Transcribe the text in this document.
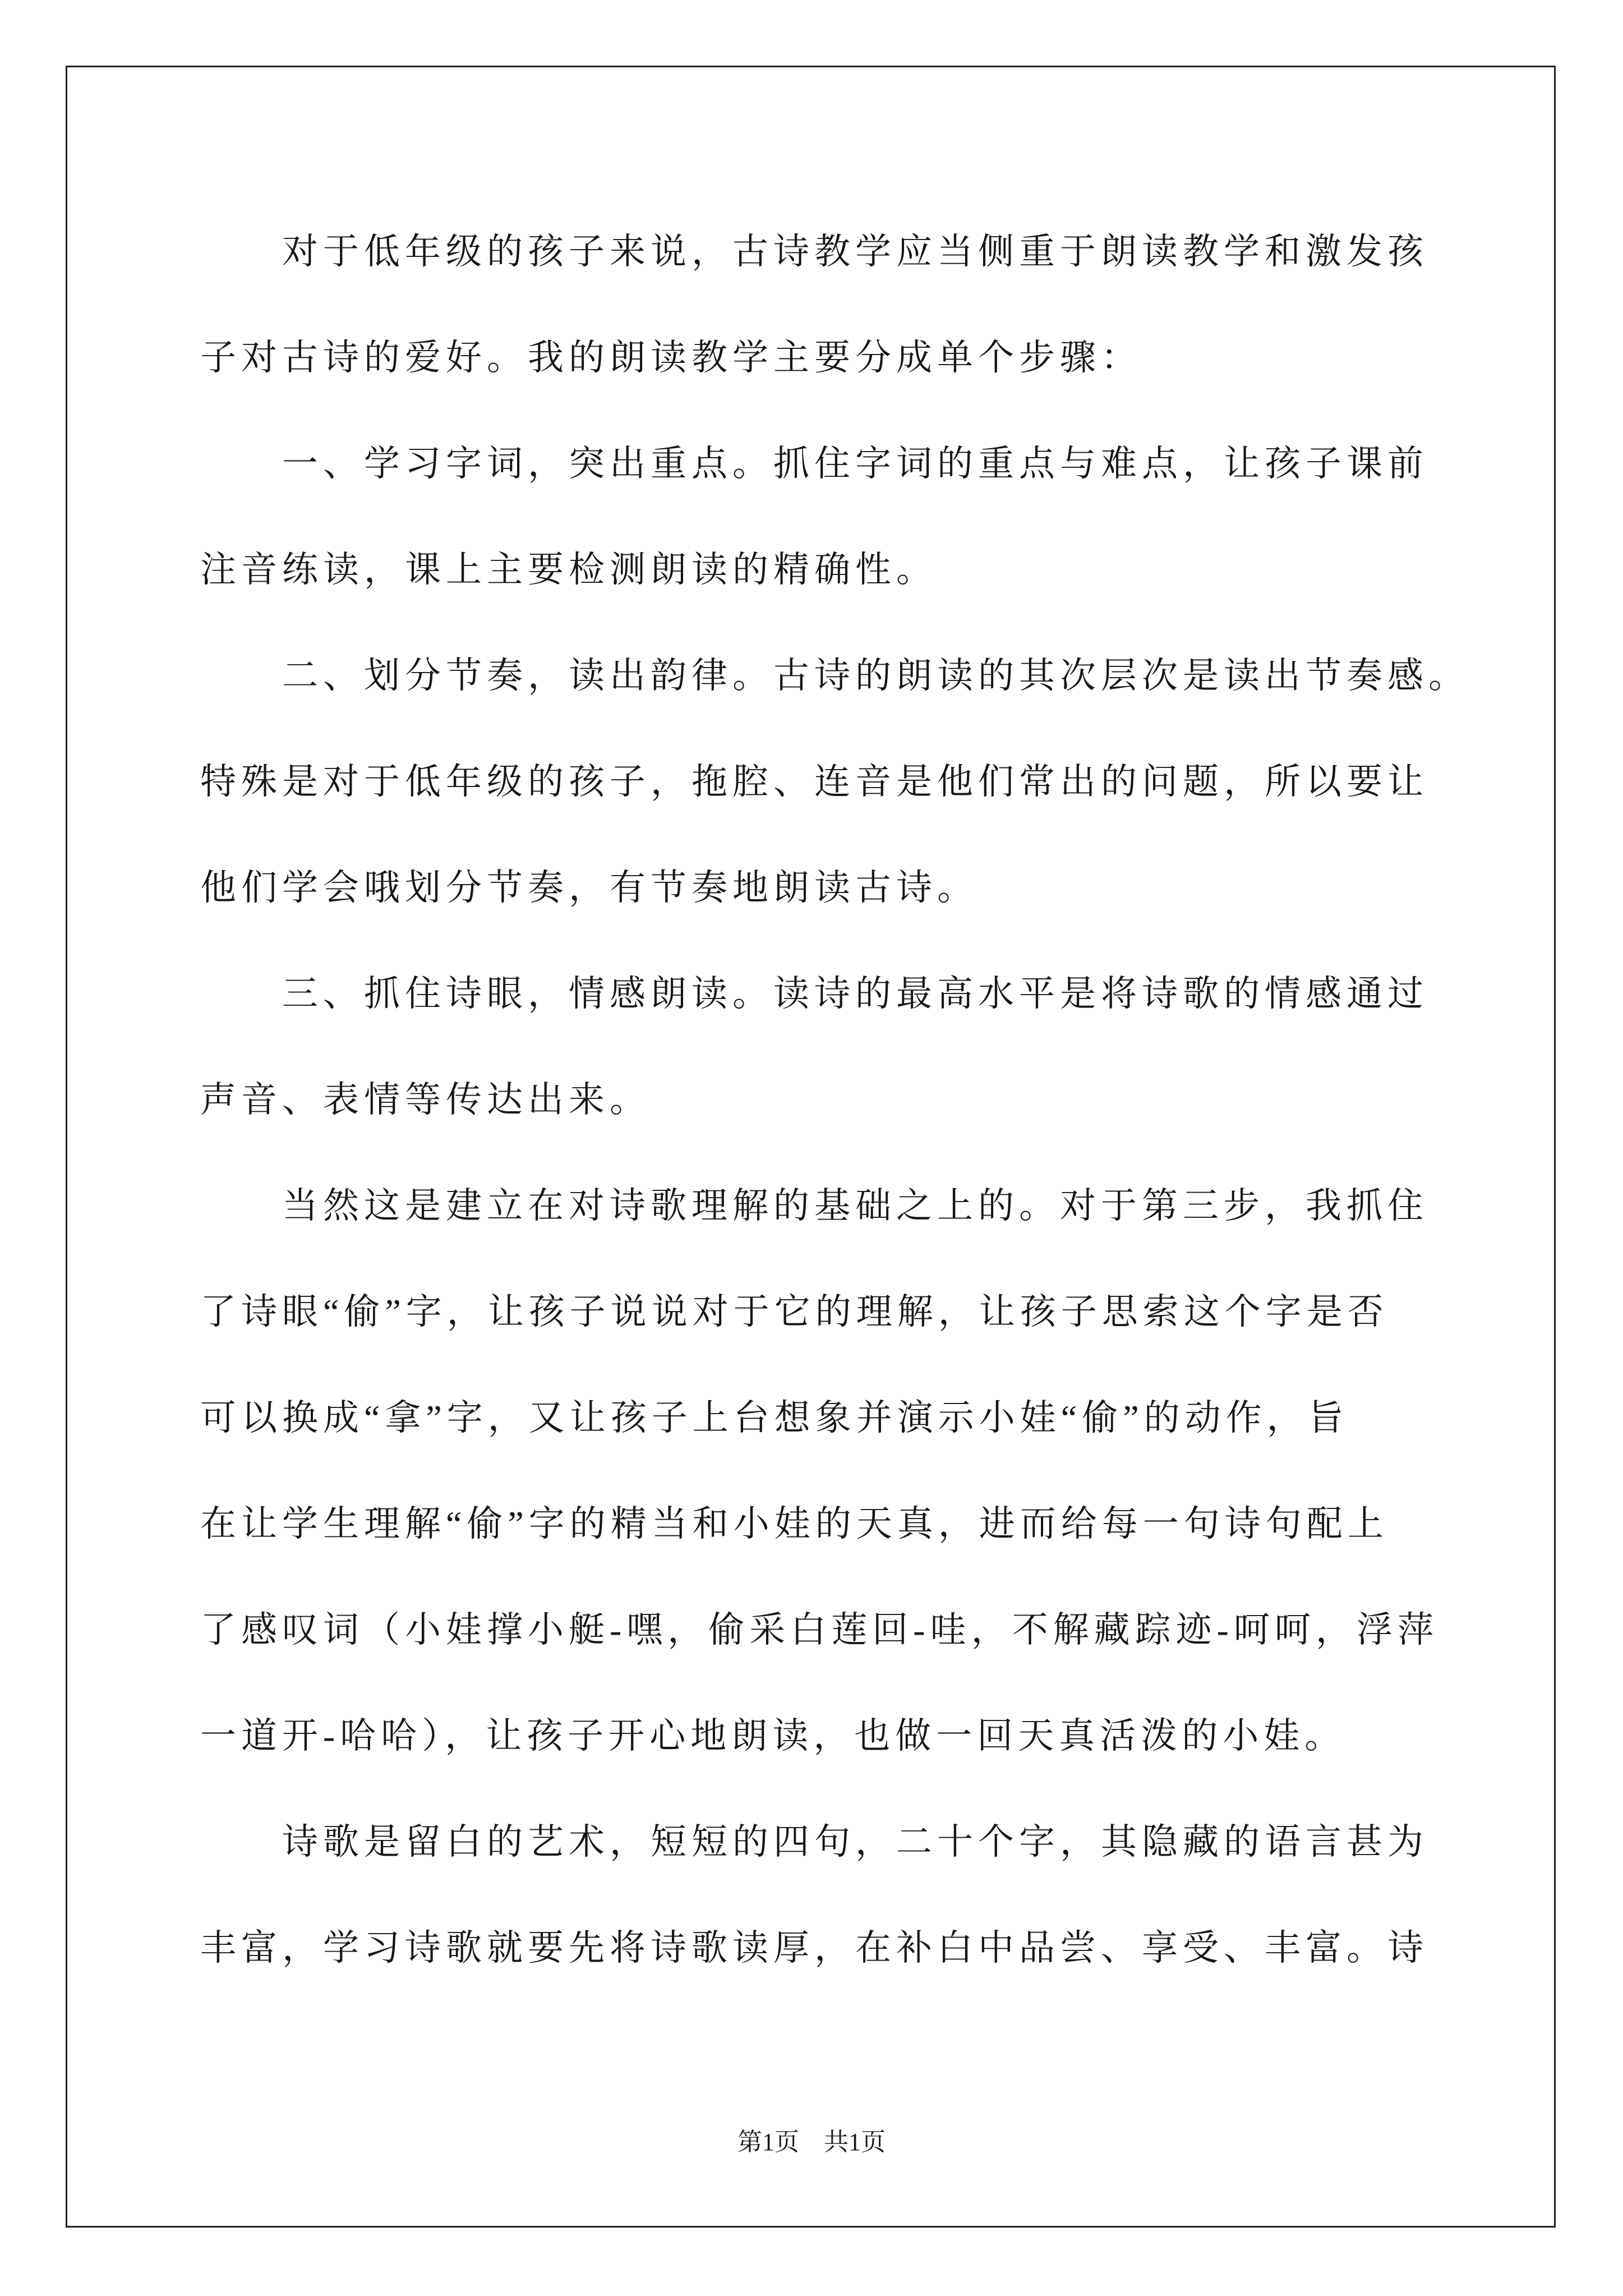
对于低年级的孩子来说，古诗教学应当侧重于朗读教学和激发孩
子对古诗的爱好。我的朗读教学主要分成单个步骤：
一、学习字词，突出重点。抓住字词的重点与难点，让孩子课前
注音练读，课上主要检测朗读的精确性。
二、划分节奏，读出韵律。古诗的朗读的其次层次是读出节奏感。
特殊是对于低年级的孩子，拖腔、连音是他们常出的问题，所以要让
他们学会哦划分节奏，有节奏地朗读古诗。
三、抓住诗眼，情感朗读。读诗的最高水平是将诗歌的情感通过
声音、表情等传达出来。
当然这是建立在对诗歌理解的基础之上的。对于第三步，我抓住
了诗眼“偷”字，让孩子说说对于它的理解，让孩子思索这个字是否
可以换成“拿”字，又让孩子上台想象并演示小娃“偷”的动作，旨
在让学生理解“偷”字的精当和小娃的天真，进而给每一句诗句配上
了感叹词（小娃撑小艇-嘿，偷采白莲回-哇，不解藏踪迹-呵呵，浮萍
一道开-哈哈），让孩子开心地朗读，也做一回天真活泼的小娃。
诗歌是留白的艺术，短短的四句，二十个字，其隐藏的语言甚为
丰富，学习诗歌就要先将诗歌读厚，在补白中品尝、享受、丰富。诗
第1页 共1页
